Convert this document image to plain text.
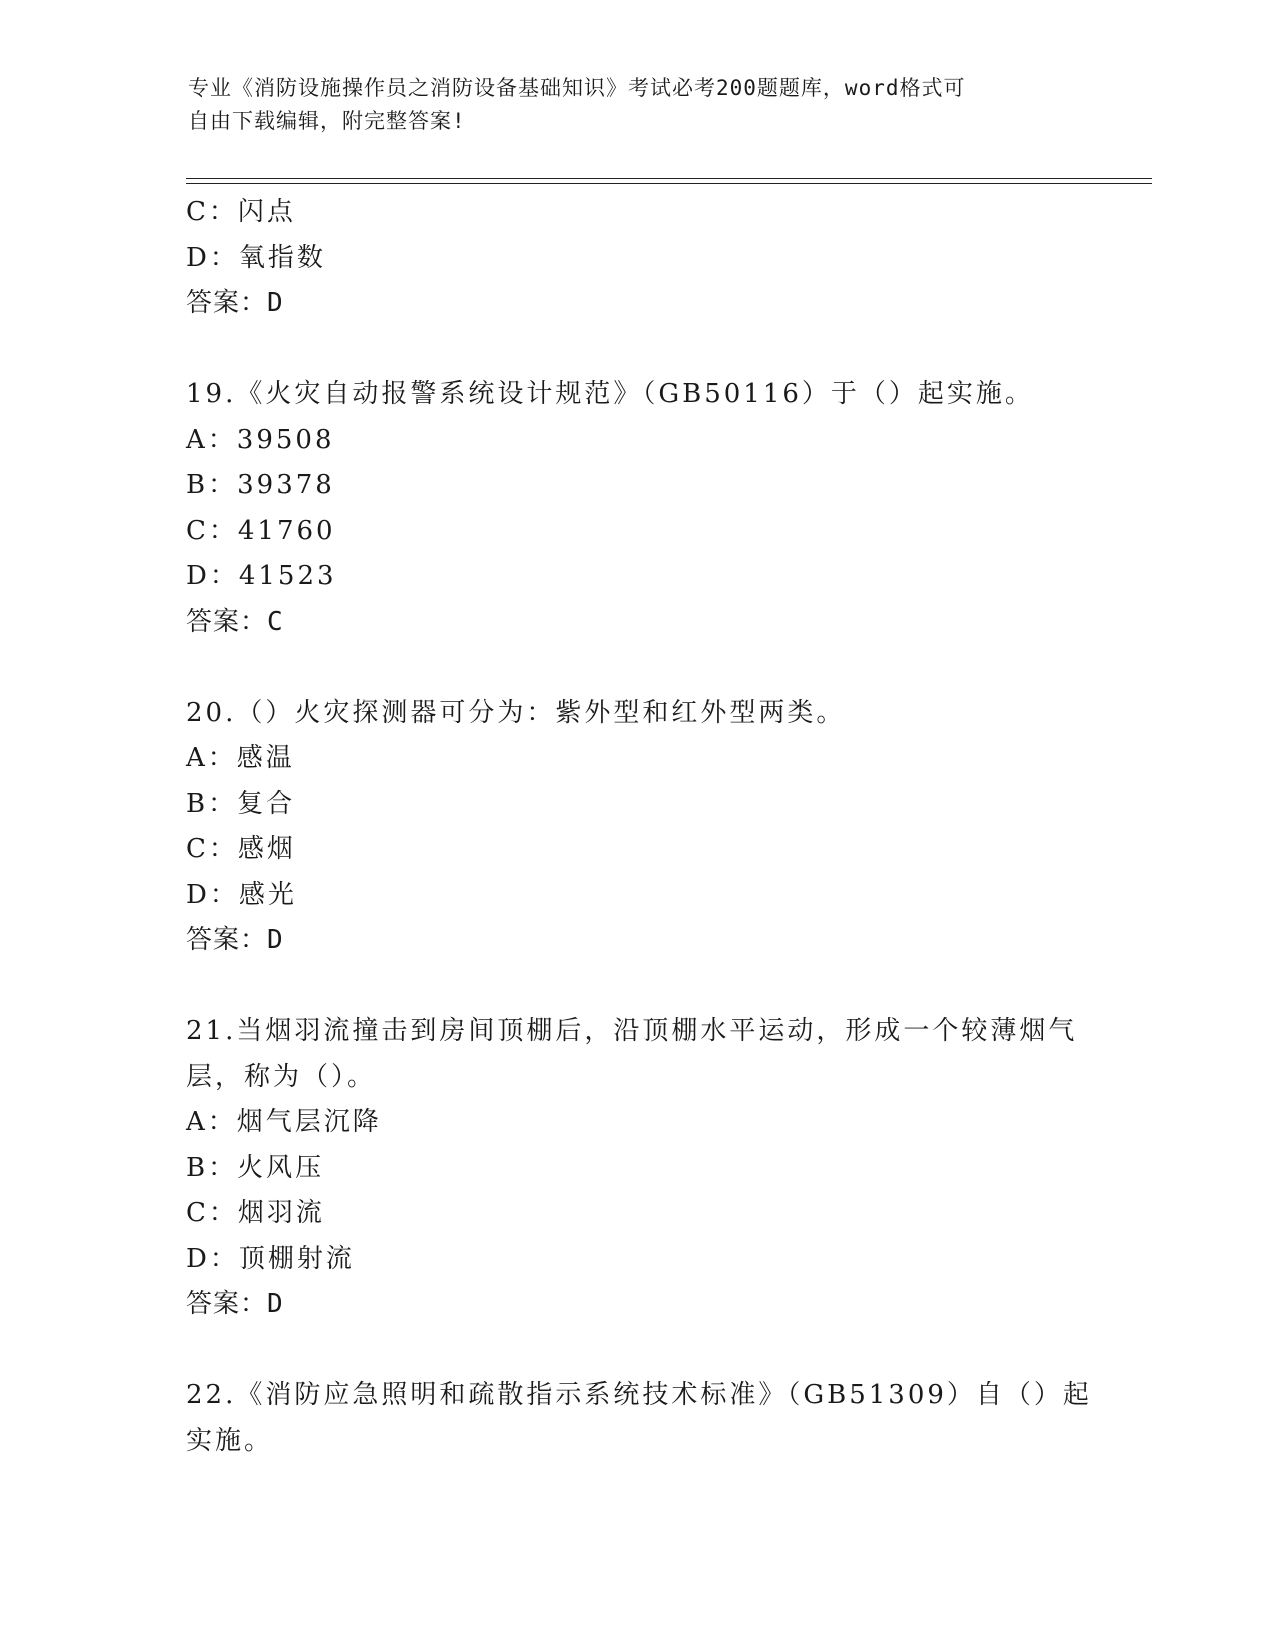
专业《消防设施操作员之消防设备基础知识》考试必考200题题库，word格式可
自由下载编辑，附完整答案!
C：闪点
D：氧指数
答案：D
19.《火灾自动报警系统设计规范》（GB50116）于（）起实施。
A：39508
B：39378
C：41760
D：41523
答案：C
20.（）火灾探测器可分为：紫外型和红外型两类。
A：感温
B：复合
C：感烟
D：感光
答案：D
21.当烟羽流撞击到房间顶棚后，沿顶棚水平运动，形成一个较薄烟气
层，称为（）。
A：烟气层沉降
B：火风压
C：烟羽流
D：顶棚射流
答案：D
22.《消防应急照明和疏散指示系统技术标准》（GB51309）自（）起
实施。
